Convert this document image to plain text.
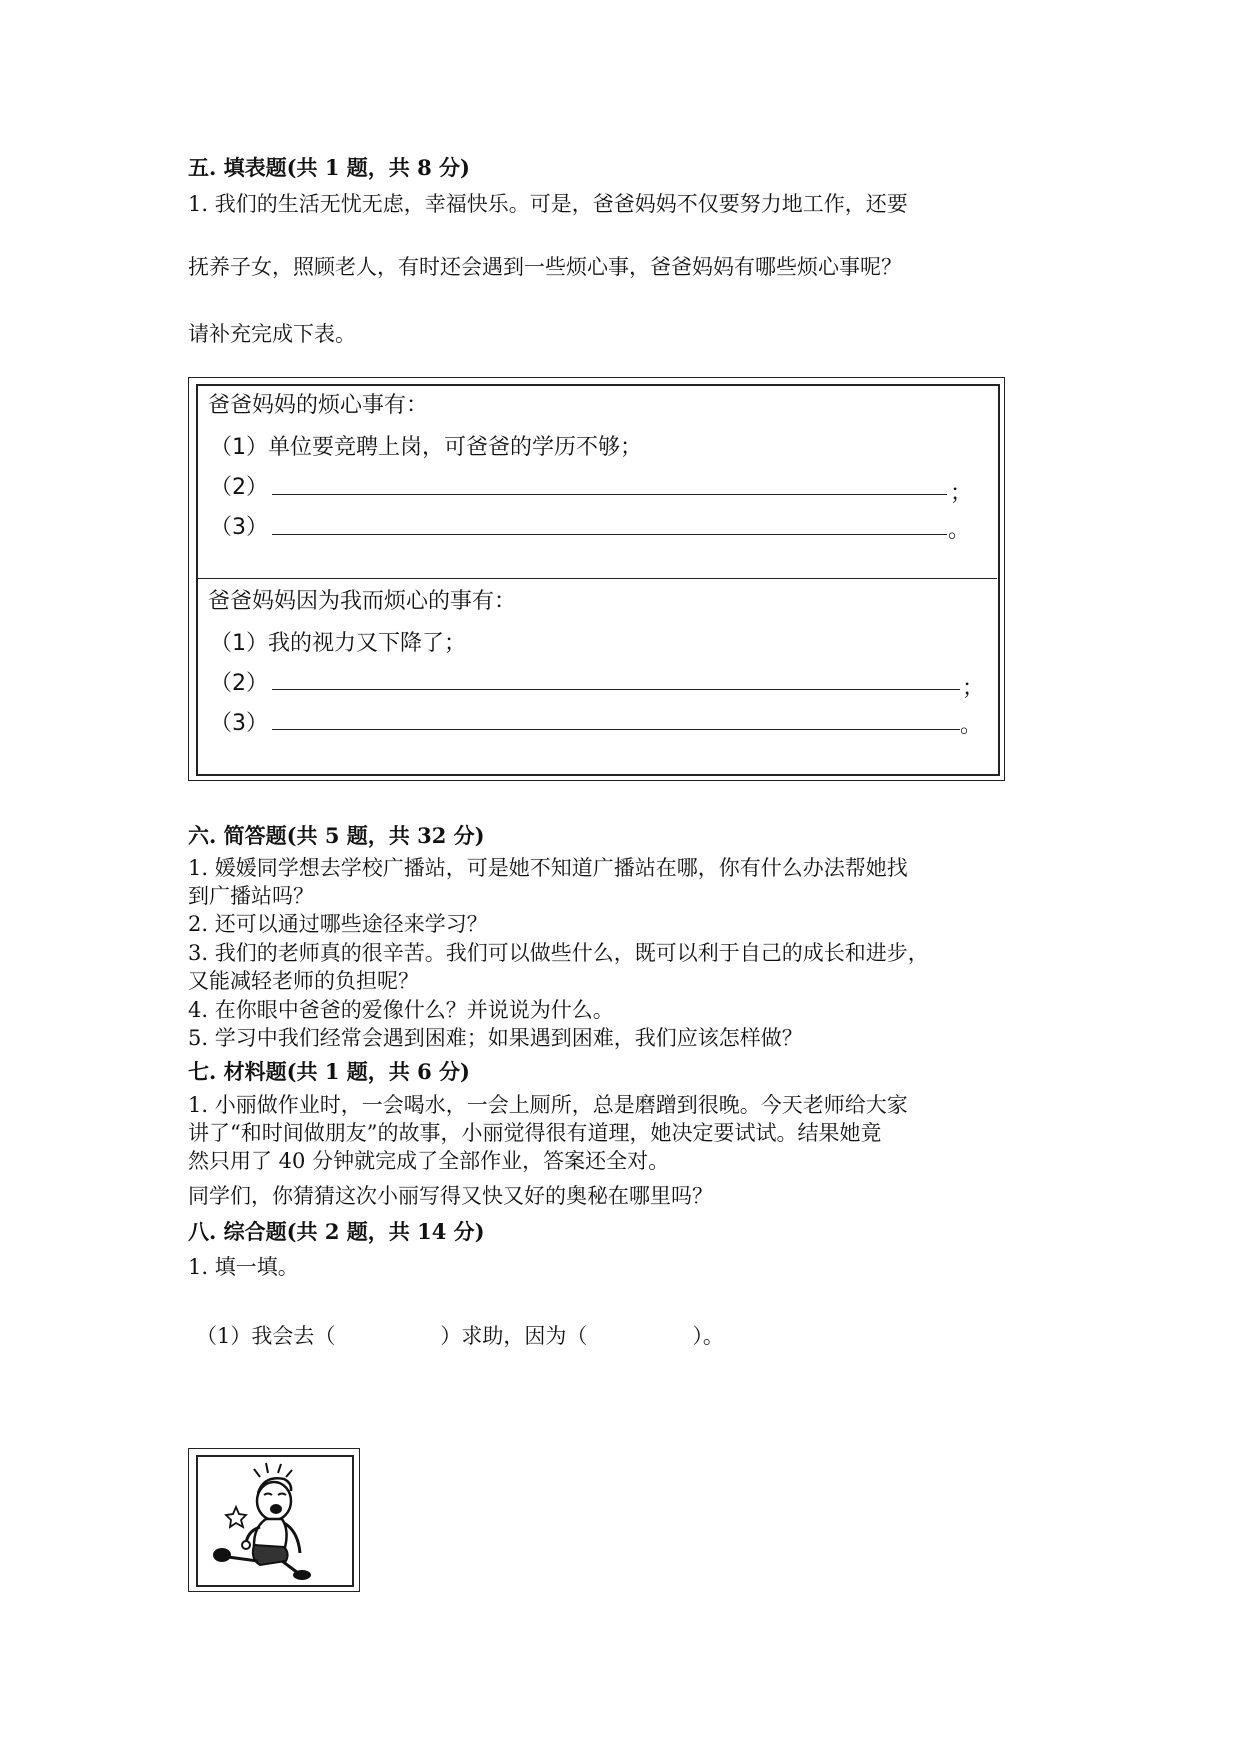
五. 填表题(共 1 题，共 8 分)
1. 我们的生活无忧无虑，幸福快乐。可是，爸爸妈妈不仅要努力地工作，还要
抚养子女，照顾老人，有时还会遇到一些烦心事，爸爸妈妈有哪些烦心事呢？
请补充完成下表。
爸爸妈妈的烦心事有：
（1）单位要竞聘上岗，可爸爸的学历不够；
（2）	；
（3）	。
爸爸妈妈因为我而烦心的事有：
（1）我的视力又下降了；
（2）	；
（3）	。
六. 简答题(共 5 题，共 32 分)
1. 媛媛同学想去学校广播站，可是她不知道广播站在哪，你有什么办法帮她找
到广播站吗？
2. 还可以通过哪些途径来学习？
3. 我们的老师真的很辛苦。我们可以做些什么，既可以利于自己的成长和进步，
又能减轻老师的负担呢？
4. 在你眼中爸爸的爱像什么？并说说为什么。
5. 学习中我们经常会遇到困难；如果遇到困难，我们应该怎样做？
七. 材料题(共 1 题，共 6 分)
1. 小丽做作业时，一会喝水，一会上厕所，总是磨蹭到很晚。今天老师给大家
讲了“和时间做朋友”的故事，小丽觉得很有道理，她决定要试试。结果她竟
然只用了 40 分钟就完成了全部作业，答案还全对。
同学们，你猜猜这次小丽写得又快又好的奥秘在哪里吗？
八. 综合题(共 2 题，共 14 分)
1. 填一填。
（1）我会去（　　　　　）求助，因为（　　　　　）。
